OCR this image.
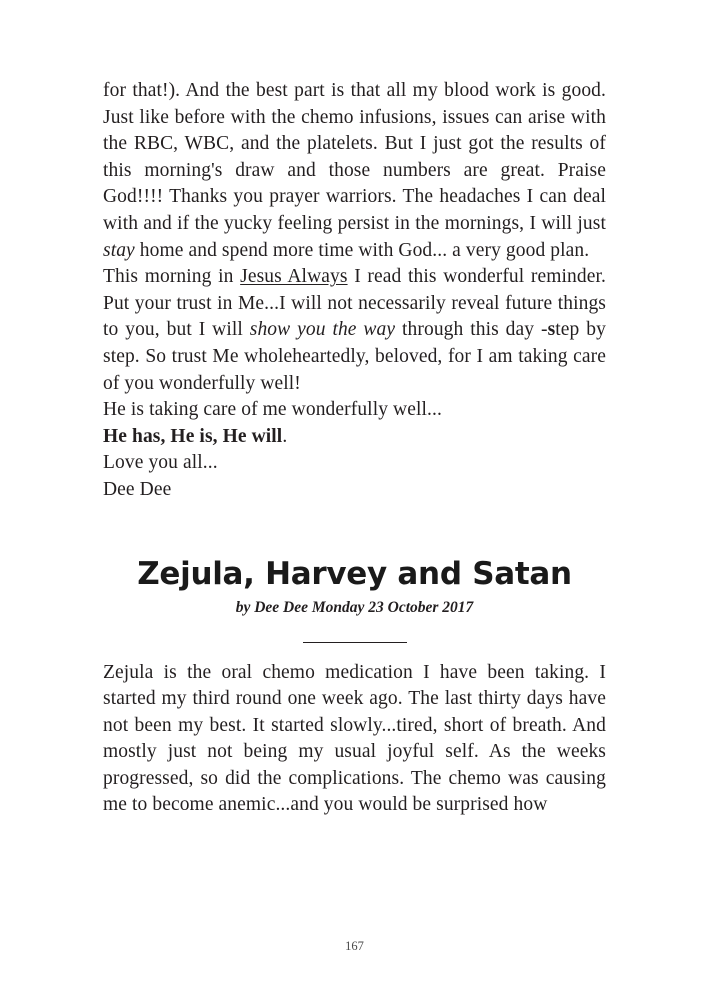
for that!). And the best part is that all my blood work is good. Just like before with the chemo infusions, issues can arise with the RBC, WBC, and the platelets. But I just got the results of this morning's draw and those numbers are great. Praise God!!!! Thanks you prayer warriors. The headaches I can deal with and if the yucky feeling persist in the mornings, I will just stay home and spend more time with God... a very good plan.

This morning in Jesus Always I read this wonderful reminder. Put your trust in Me...I will not necessarily reveal future things to you, but I will show you the way through this day -step by step. So trust Me wholeheartedly, beloved, for I am taking care of you wonderfully well!

He is taking care of me wonderfully well...

He has, He is, He will.

Love you all...

Dee Dee

Zejula, Harvey and Satan

by Dee Dee Monday 23 October 2017

Zejula is the oral chemo medication I have been taking. I started my third round one week ago. The last thirty days have not been my best. It started slowly...tired, short of breath. And mostly just not being my usual joyful self. As the weeks progressed, so did the complications. The chemo was causing me to become anemic...and you would be surprised how

167
